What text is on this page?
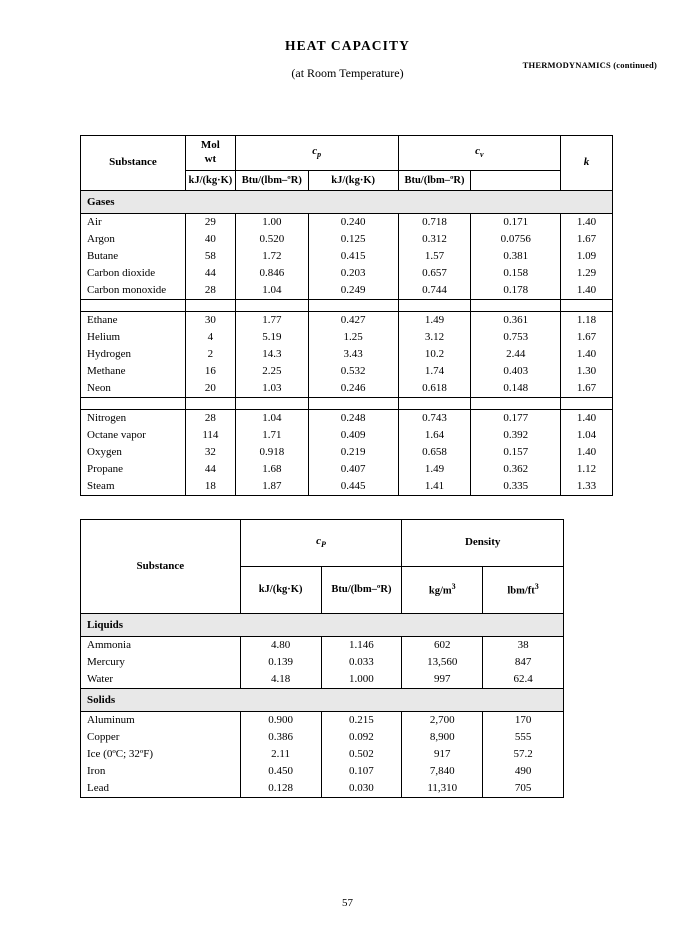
THERMODYNAMICS (continued)
HEAT CAPACITY
(at Room Temperature)
Substance	Mol
wt	$c_p$		$c_v$		k
	kJ/(kg·K)	Btu/(lbm–ºR)	kJ/(kg·K)	Btu/(lbm–ºR)		
Gases						
Air	29	1.00	0.240	0.718	0.171	1.40
Argon	40	0.520	0.125	0.312	0.0756	1.67
Butane	58	1.72	0.415	1.57	0.381	1.09
Carbon dioxide	44	0.846	0.203	0.657	0.158	1.29
Carbon monoxide	28	1.04	0.249	0.744	0.178	1.40

Ethane	30	1.77	0.427	1.49	0.361	1.18
Helium	4	5.19	1.25	3.12	0.753	1.67
Hydrogen	2	14.3	3.43	10.2	2.44	1.40
Methane	16	2.25	0.532	1.74	0.403	1.30
Neon	20	1.03	0.246	0.618	0.148	1.67

Nitrogen	28	1.04	0.248	0.743	0.177	1.40
Octane vapor	114	1.71	0.409	1.64	0.392	1.04
Oxygen	32	0.918	0.219	0.658	0.157	1.40
Propane	44	1.68	0.407	1.49	0.362	1.12
Steam	18	1.87	0.445	1.41	0.335	1.33
Substance	$c_P$		Density	
	kJ/(kg·K)	Btu/(lbm–ºR)	$kg/m^3$	lbm/$ft^3$
Liquids				
Ammonia	4.80	1.146	602	38
Mercury	0.139	0.033	13,560	847
Water	4.18	1.000	997	62.4
Solids				
Aluminum	0.900	0.215	2,700	170
Copper	0.386	0.092	8,900	555
Ice (0ºC; 32ºF)	2.11	0.502	917	57.2
Iron	0.450	0.107	7,840	490
Lead	0.128	0.030	11,310	705
57
